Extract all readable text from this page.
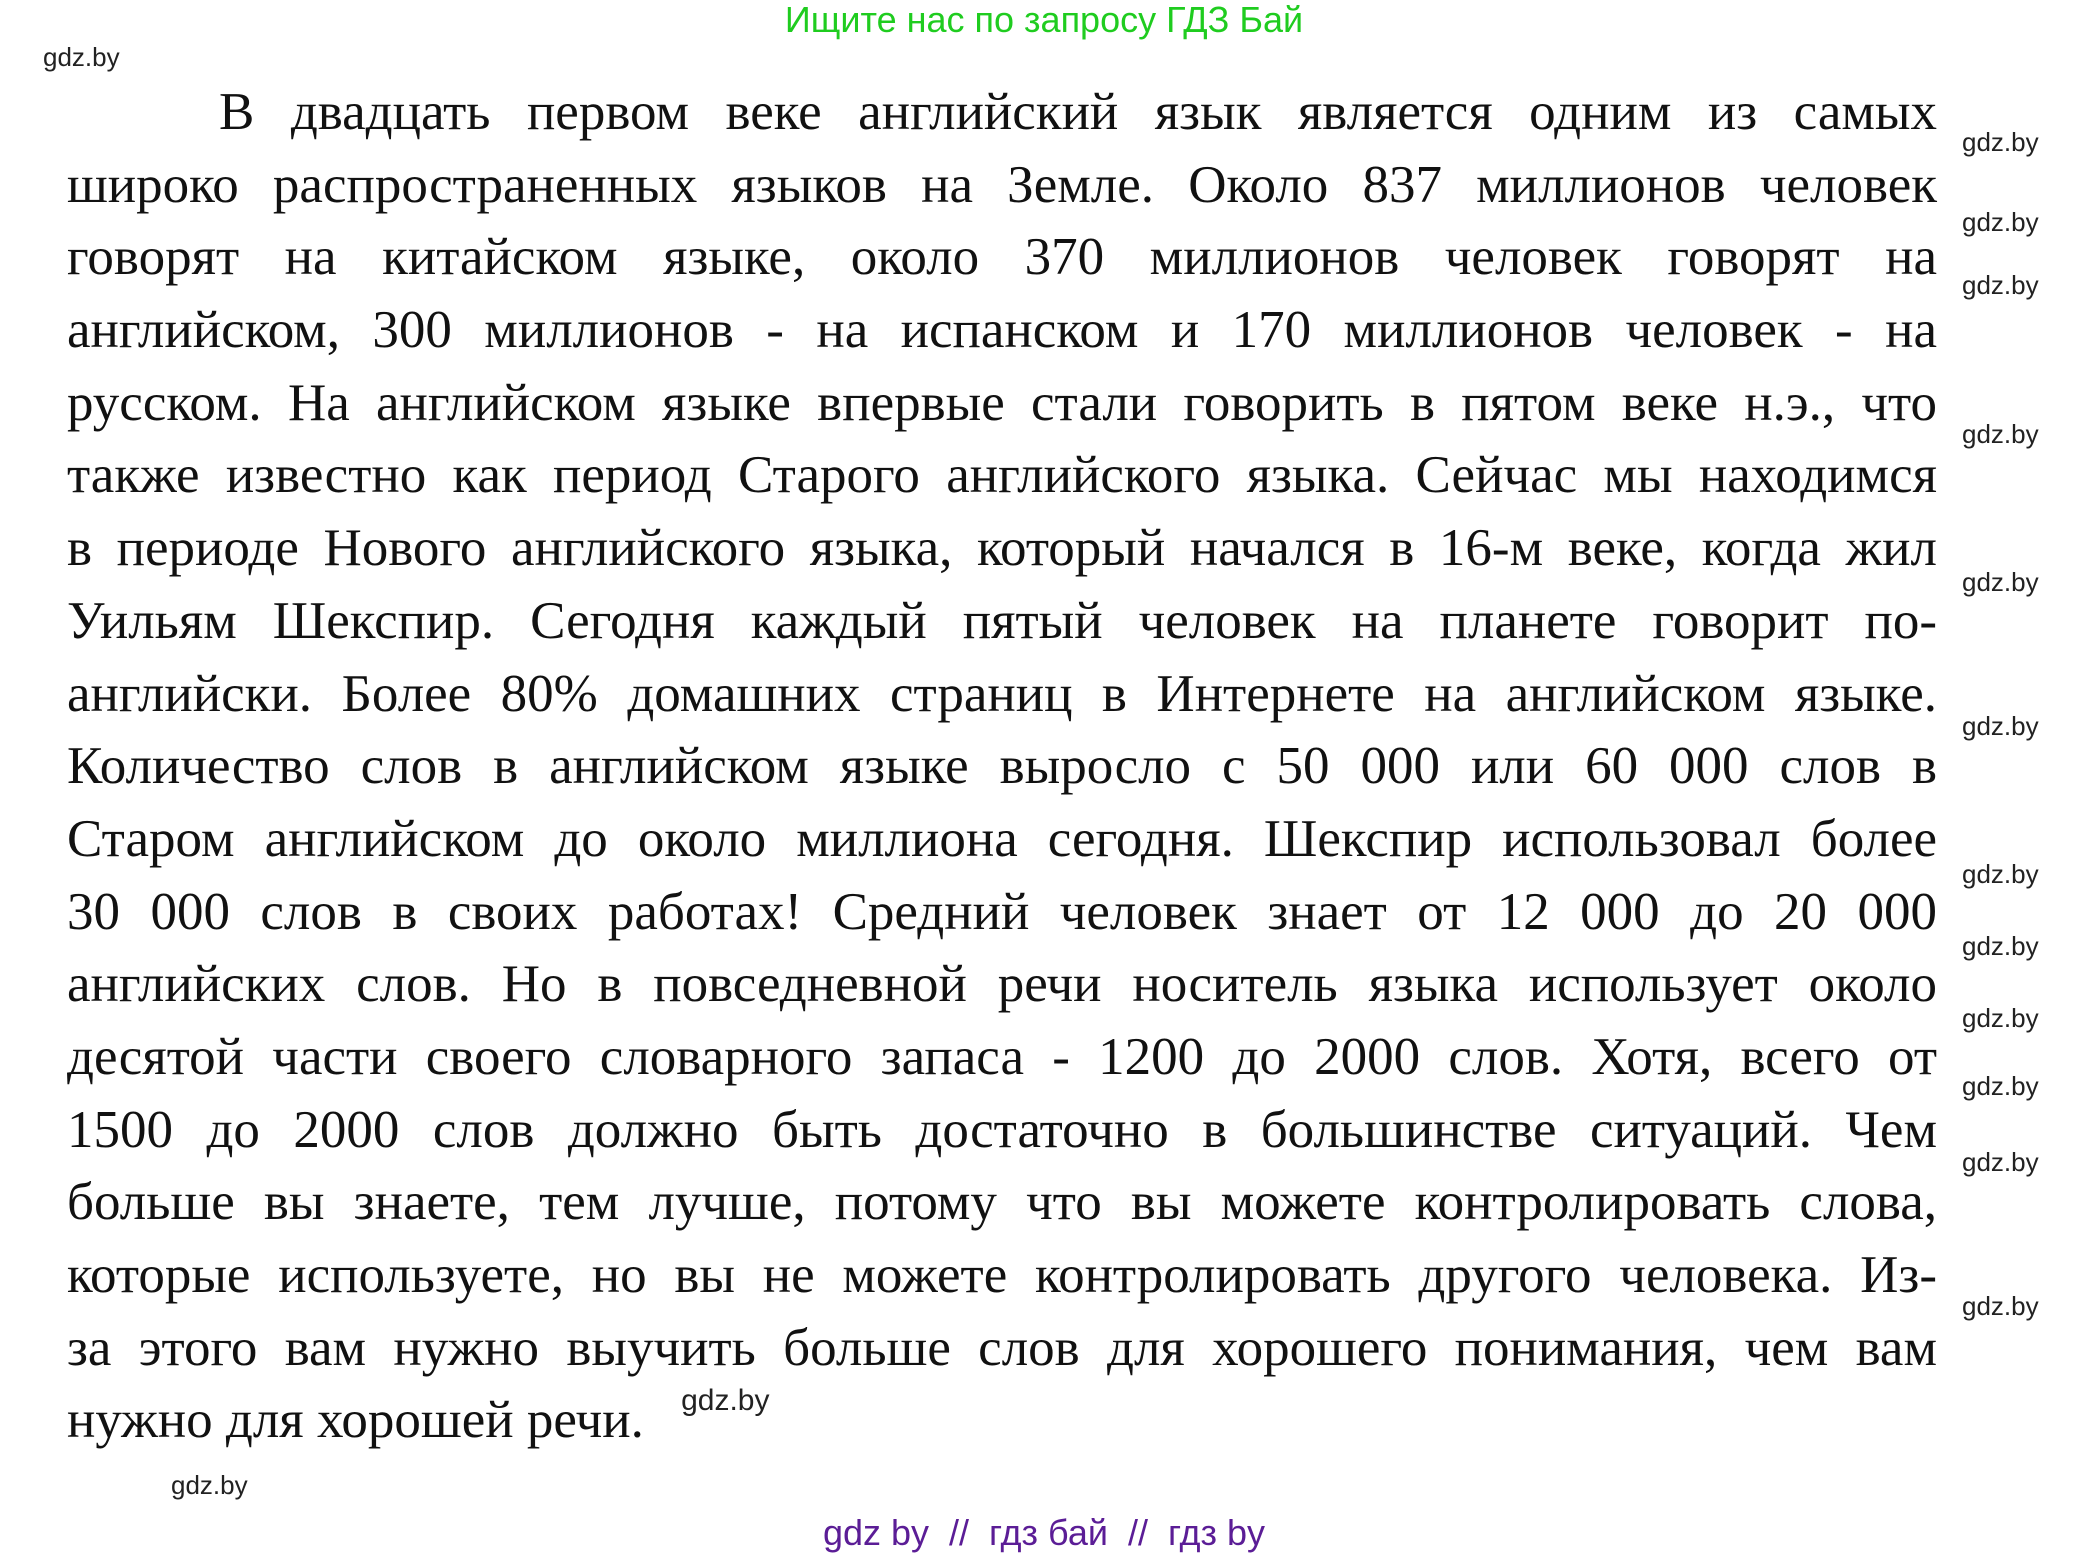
Ищите нас по запросу ГДЗ Бай
gdz.by
В двадцать первом веке английский язык является одним из самых
широко распространенных языков на Земле. Около 837 миллионов человек
говорят на китайском языке, около 370 миллионов человек говорят на
английском, 300 миллионов - на испанском и 170 миллионов человек - на
русском. На английском языке впервые стали говорить в пятом веке н.э., что
также известно как период Старого английского языка. Сейчас мы находимся
в периоде Нового английского языка, который начался в 16-м веке, когда жил
Уильям Шекспир. Сегодня каждый пятый человек на планете говорит по-
английски. Более 80% домашних страниц в Интернете на английском языке.
Количество слов в английском языке выросло с 50 000 или 60 000 слов в
Старом английском до около миллиона сегодня. Шекспир использовал более
30 000 слов в своих работах! Средний человек знает от 12 000 до 20 000
английских слов. Но в повседневной речи носитель языка использует около
десятой части своего словарного запаса - 1200 до 2000 слов. Хотя, всего от
1500 до 2000 слов должно быть достаточно в большинстве ситуаций. Чем
больше вы знаете, тем лучше, потому что вы можете контролировать слова,
которые используете, но вы не можете контролировать другого человека. Из-
за этого вам нужно выучить больше слов для хорошего понимания, чем вам
нужно для хорошей речи. gdz.by
gdz.by
gdz.by
gdz.by
gdz.by
gdz.by
gdz.by
gdz.by
gdz.by
gdz.by
gdz.by
gdz.by
gdz.by
gdz.by
gdz by  //  гдз бай  //  гдз by
